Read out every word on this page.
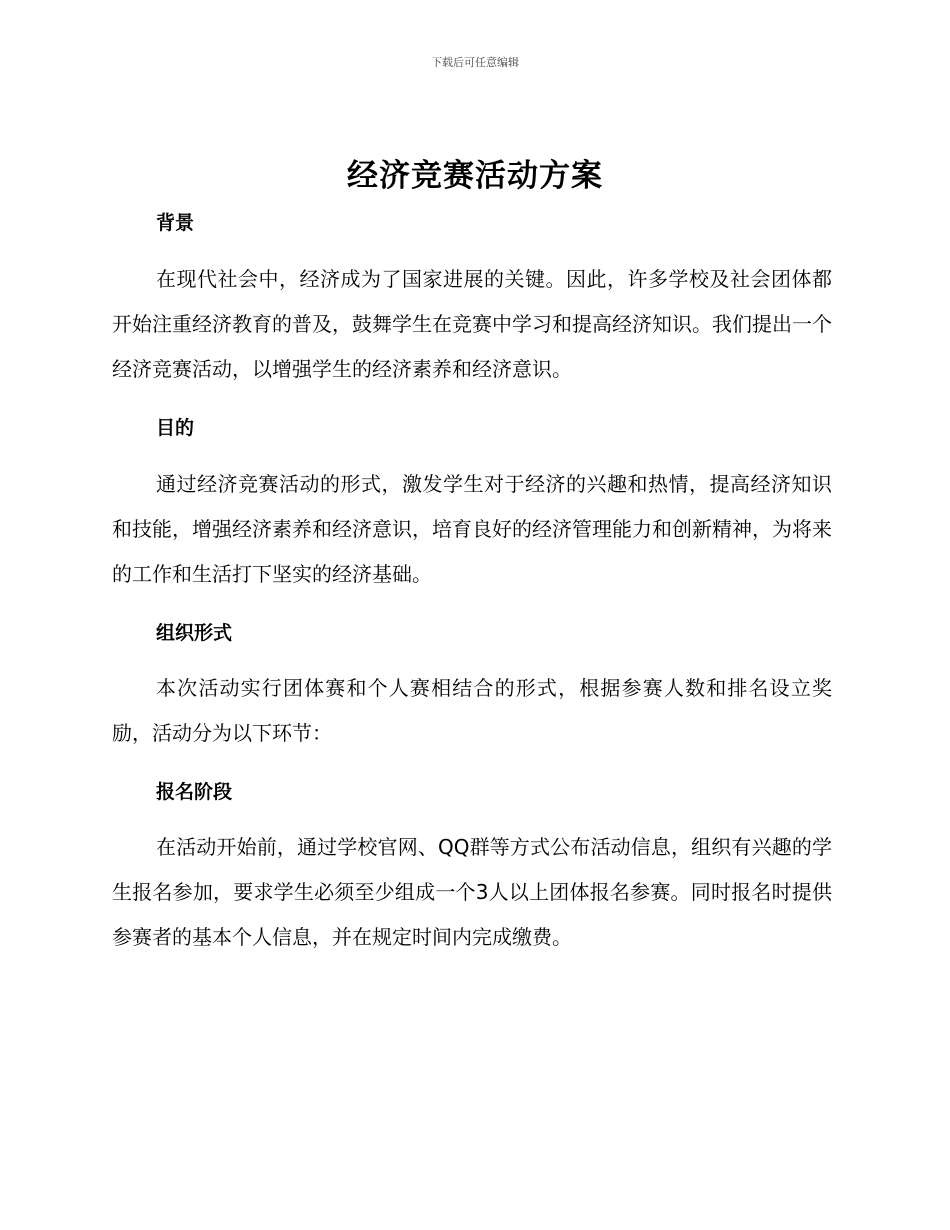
下载后可任意编辑
经济竞赛活动方案
背景

在现代社会中，经济成为了国家进展的关键。因此，许多学校及社会团体都开始注重经济教育的普及，鼓舞学生在竞赛中学习和提高经济知识。我们提出一个经济竞赛活动，以增强学生的经济素养和经济意识。

目的

通过经济竞赛活动的形式，激发学生对于经济的兴趣和热情，提高经济知识和技能，增强经济素养和经济意识，培育良好的经济管理能力和创新精神，为将来的工作和生活打下坚实的经济基础。

组织形式

本次活动实行团体赛和个人赛相结合的形式，根据参赛人数和排名设立奖励，活动分为以下环节：

报名阶段

在活动开始前，通过学校官网、QQ群等方式公布活动信息，组织有兴趣的学生报名参加，要求学生必须至少组成一个3人以上团体报名参赛。同时报名时提供参赛者的基本个人信息，并在规定时间内完成缴费。
